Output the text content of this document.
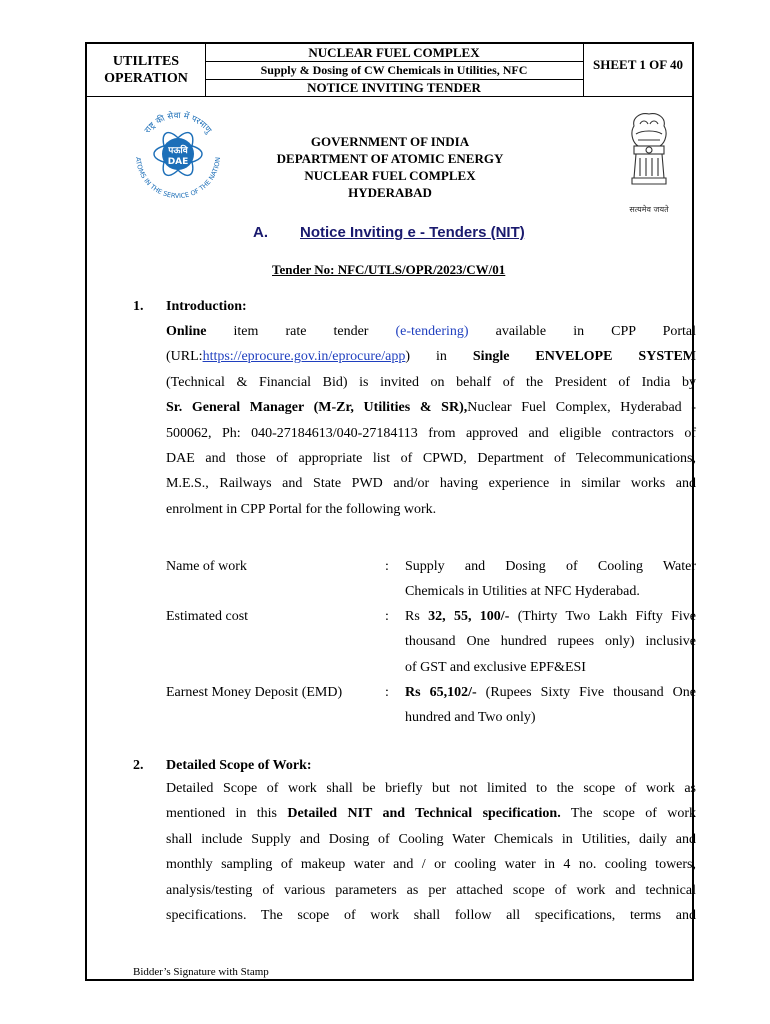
UTILITES
OPERATION
NUCLEAR FUEL COMPLEX
Supply & Dosing of CW Chemicals in Utilities, NFC
NOTICE INVITING TENDER
SHEET 1 OF 40
राष्ट्र की सेवा में परमाणु
ATOMS IN THE SERVICE OF THE NATION
पऊवि
DAE
सत्यमेव जयते
GOVERNMENT OF INDIA
DEPARTMENT OF ATOMIC ENERGY
NUCLEAR FUEL COMPLEX
HYDERABAD
A. Notice Inviting e - Tenders (NIT)
Tender No: NFC/UTLS/OPR/2023/CW/01
1. Introduction:
Online item rate tender (e-tendering) available in CPP Portal
(URL:https://eprocure.gov.in/eprocure/app) in Single ENVELOPE SYSTEM
(Technical & Financial Bid) is invited on behalf of the President of India by
Sr. General Manager (M-Zr, Utilities & SR),Nuclear Fuel Complex, Hyderabad -
500062, Ph: 040-27184613/040-27184113 from approved and eligible contractors of
DAE and those of appropriate list of CPWD, Department of Telecommunications,
M.E.S., Railways and State PWD and/or having experience in similar works and
enrolment in CPP Portal for the following work.
Name of work	: Supply and Dosing of Cooling Water
Chemicals in Utilities at NFC Hyderabad.
Estimated cost	: Rs 32, 55, 100/- (Thirty Two Lakh Fifty Five
thousand One hundred rupees only) inclusive
of GST and exclusive EPF&ESI
Earnest Money Deposit (EMD)	: Rs 65,102/- (Rupees Sixty Five thousand One
hundred and Two only)
2. Detailed Scope of Work:
Detailed Scope of work shall be briefly but not limited to the scope of work as
mentioned in this Detailed NIT and Technical specification. The scope of work
shall include Supply and Dosing of Cooling Water Chemicals in Utilities, daily and
monthly sampling of makeup water and / or cooling water in 4 no. cooling towers,
analysis/testing of various parameters as per attached scope of work and technical
specifications. The scope of work shall follow all specifications, terms and
Bidder’s Signature with Stamp
